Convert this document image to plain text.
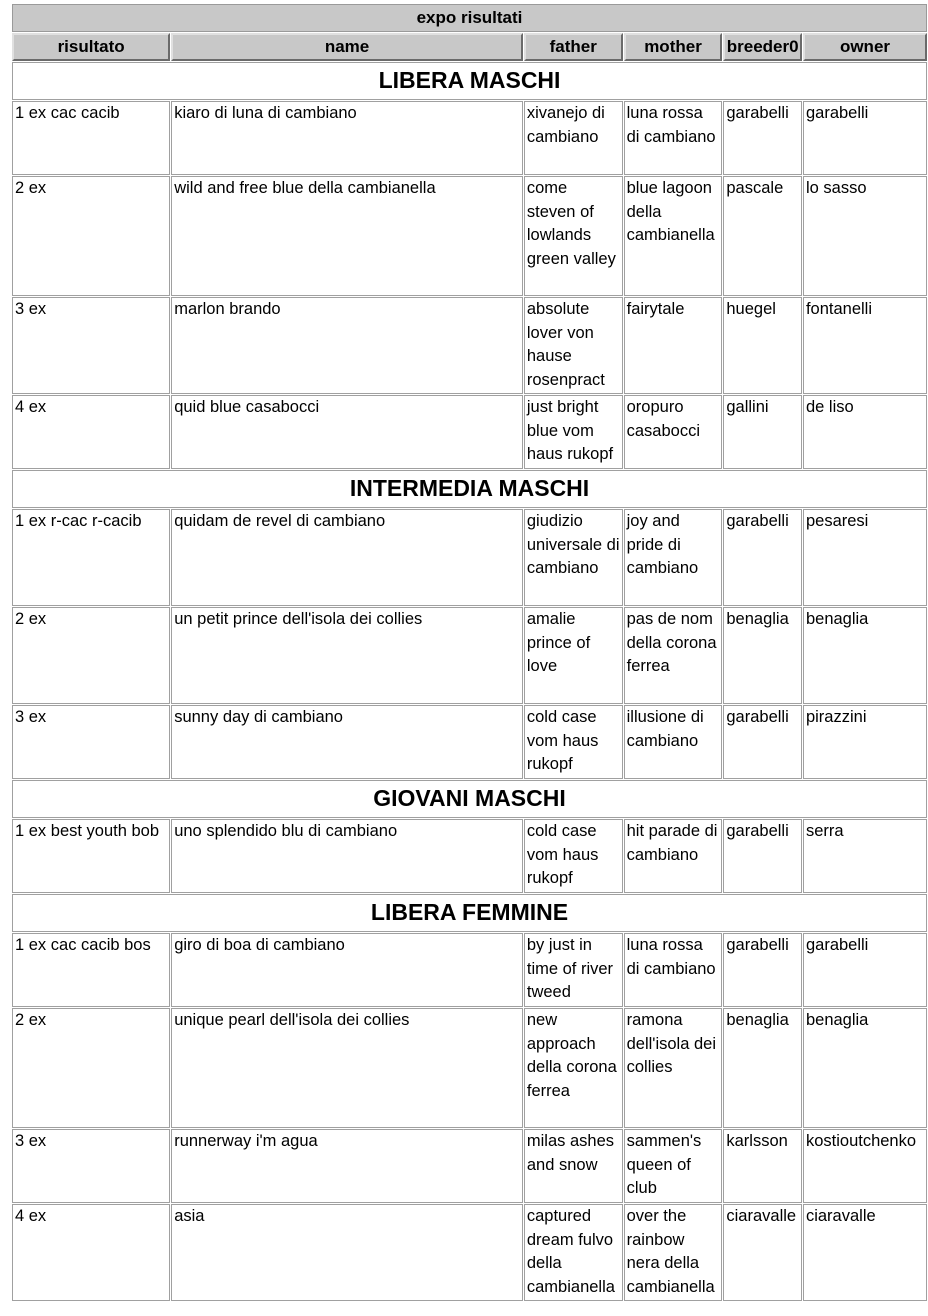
expo risultati					
risultato	name	father	mother	breeder0	owner
LIBERA MASCHI					
1 ex cac cacib	kiaro di luna di cambiano	xivanejo di cambiano	luna rossa di cambiano	garabelli	garabelli
2 ex	wild and free blue della cambianella	come steven of lowlands green valley	blue lagoon della cambianella	pascale	lo sasso
3 ex	marlon brando	absolute lover von hause rosenpract	fairytale	huegel	fontanelli
4 ex	quid blue casabocci	just bright blue vom haus rukopf	oropuro casabocci	gallini	de liso
INTERMEDIA MASCHI					
1 ex r-cac r-cacib	quidam de revel di cambiano	giudizio universale di cambiano	joy and pride di cambiano	garabelli	pesaresi
2 ex	un petit prince dell'isola dei collies	amalie prince of love	pas de nom della corona ferrea	benaglia	benaglia
3 ex	sunny day di cambiano	cold case vom haus rukopf	illusione di cambiano	garabelli	pirazzini
GIOVANI MASCHI					
1 ex best youth bob	uno splendido blu di cambiano	cold case vom haus rukopf	hit parade di cambiano	garabelli	serra
LIBERA FEMMINE					
1 ex cac cacib bos	giro di boa di cambiano	by just in time of river tweed	luna rossa di cambiano	garabelli	garabelli
2 ex	unique pearl dell'isola dei collies	new approach della corona ferrea	ramona dell'isola dei collies	benaglia	benaglia
3 ex	runnerway i'm agua	milas ashes and snow	sammen's queen of club	karlsson	kostioutchenko
4 ex	asia	captured dream fulvo della cambianella	over the rainbow nera della cambianella	ciaravalle	ciaravalle
